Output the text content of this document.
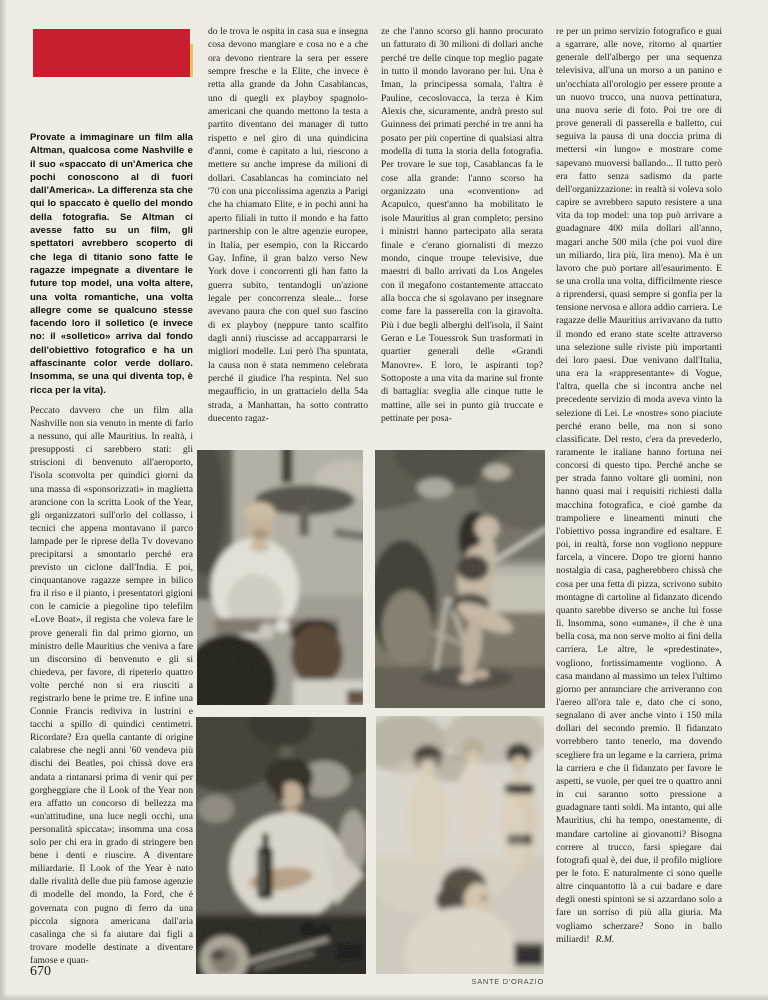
Provate a immaginare un film alla Altman, qualcosa come Nashville e il suo «spaccato di un'America che pochi conoscono al di fuori dall'America». La differenza sta che qui lo spaccato è quello del mondo della fotografia. Se Altman ci avesse fatto su un film, gli spettatori avrebbero scoperto di che lega di titanio sono fatte le ragazze impegnate a diventare le future top model, una volta altere, una volta romantiche, una volta allegre come se qualcuno stesse facendo loro il solletico (e invece no: il «solletico» arriva dal fondo dell'obiettivo fotografico e ha un affascinante color verde dollaro. Insomma, se una qui diventa top, è ricca per la vita).

Peccato davvero che un film alla Nashville non sia venuto in mente di farlo a nessuno, qui alle Mauritius. In realtà, i presupposti ci sarebbero stati: gli striscioni di benvenuto all'aeroporto, l'isola sconvolta per quindici giorni da una massa di «sponsorizzati» in maglietta arancione con la scritta Look of the Year, gli organizzatori sull'orlo del collasso, i tecnici che appena montavano il parco lampade per le riprese della Tv dovevano precipitarsi a smontarlo perché era previsto un ciclone dall'India. E poi, cinquantanove ragazze sempre in bilico fra il riso e il pianto, i presentatori gigioni con le camicie a piegoline tipo telefilm «Love Boat», il regista che voleva fare le prove generali fin dal primo giorno, un ministro delle Mauritius che veniva a fare un discorsino di benvenuto e gli si chiedeva, per favore, di ripeterlo quattro volte perché non si era riusciti a registrarlo bene le prime tre. E infine una Connie Francis rediviva in lustrini e tacchi a spillo di quindici centimetri. Ricordate? Era quella cantante di origine calabrese che negli anni '60 vendeva più dischi dei Beatles, poi chissà dove era andata a rintanarsi prima di venir qui per gorgheggiare che il Look of the Year non era affatto un concorso di bellezza ma «un'attitudine, una luce negli occhi, una personalità spiccata»; insomma una cosa solo per chi era in grado di stringere ben bene i denti e riuscire. A diventare miliardarie. Il Look of the Year è nato dalle rivalità delle due più famose agenzie di modelle del mondo, la Ford, che è governata con pugno di ferro da una piccola signora americana dall'aria casalinga che si fa aiutare dai figli a trovare modelle destinate a diventare famose e quan-

do le trova le ospita in casa sua e insegna cosa devono mangiare e cosa no e a che ora devono rientrare la sera per essere sempre fresche e la Elite, che invece è retta alla grande da John Casablancas, uno di quegli ex playboy spagnolo-americani che quando mettono la testa a partito diventano dei manager di tutto rispetto e nel giro di una quindicina d'anni, come è capitato a lui, riescono a mettere su anche imprese da milioni di dollari. Casablancas ha cominciato nel '70 con una piccolissima agenzia a Parigi che ha chiamato Elite, e in pochi anni ha aperto filiali in tutto il mondo e ha fatto partnership con le altre agenzie europee, in Italia, per esempio, con la Riccardo Gay. Infine, il gran balzo verso New York dove i concorrenti gli han fatto la guerra subito, tentandogli un'azione legale per concorrenza sleale... forse avevano paura che con quel suo fascino di ex playboy (neppure tanto scalfito dagli anni) riuscisse ad accapparrarsi le migliori modelle. Lui però l'ha spuntata, la causa non è stata nemmeno celebrata perché il giudice l'ha respinta. Nel suo megaufficio, in un grattacielo della 54a strada, a Manhattan, ha sotto contratto duecento ragaz-

ze che l'anno scorso gli hanno procurato un fatturato di 30 milioni di dollari anche perché tre delle cinque top meglio pagate in tutto il mondo lavorano per lui. Una è Iman, la principessa somala, l'altra è Pauline, cecoslovacca, la terza è Kim Alexis che, sicuramente, andrà presto sul Guinness dei primati perché in tre anni ha posato per più copertine di qualsiasi altra modella di tutta la storia della fotografia. Per trovare le sue top, Casablancas fa le cose alla grande: l'anno scorso ha organizzato una «convention» ad Acapulco, quest'anno ha mobilitato le isole Mauritius al gran completo; persino i ministri hanno partecipato alla serata finale e c'erano giornalisti di mezzo mondo, cinque troupe televisive, due maestri di ballo arrivati da Los Angeles con il megafono costantemente attaccato alla bocca che si sgolavano per insegnare come fare la passerella con la giravolta. Più i due begli alberghi dell'isola, il Saint Geran e Le Touessrok Sun trasformati in quartier generali delle «Grandi Manovre». E loro, le aspiranti top? Sottoposte a una vita da marine sul fronte di battaglia: sveglia alle cinque tutte le mattine, alle sei in punto già truccate e pettinate per posa-

re per un primo servizio fotografico e guai a sgarrare, alle nove, ritorno al quartier generale dell'albergo per una sequenza televisiva, all'una un morso a un panino e un'occhiata all'orologio per essere pronte a un nuovo trucco, una nuova pettinatura, una nuova serie di foto. Poi tre ore di prove generali di passerella e balletto, cui seguiva la pausa di una doccia prima di mettersi «in lungo» e mostrare come sapevano muoversi ballando... Il tutto però era fatto senza sadismo da parte dell'organizzazione: in realtà si voleva solo capire se avrebbero saputo resistere a una vita da top model: una top può arrivare a guadagnare 400 mila dollari all'anno, magari anche 500 mila (che poi vuol dire un miliardo, lira più, lira meno). Ma è un lavoro che può portare all'esaurimento. E se una crolla una volta, difficilmente riesce a riprendersi, quasi sempre si gonfia per la tensione nervosa e allora addio carriera. Le ragazze delle Mauritius arrivavano da tutto il mondo ed erano state scelte attraverso una selezione sulle riviste più importanti dei loro paesi. Due venivano dall'Italia, una era la «rappresentante» di Vogue, l'altra, quella che si incontra anche nel precedente servizio di moda aveva vinto la selezione di Lei. Le «nostre» sono piaciute perché erano belle, ma non si sono classificate. Del resto, c'era da prevederlo, raramente le italiane hanno fortuna nei concorsi di questo tipo. Perché anche se per strada fanno voltare gli uomini, non hanno quasi mai i requisiti richiesti dalla macchina fotografica, e cioè gambe da trampoliere e lineamenti minuti che l'obiettivo possa ingrandire ed esaltare. E poi, in realtà, forse non vogliono neppure farcela, a vincere. Dopo tre giorni hanno nostalgia di casa, pagherebbero chissà che cosa per una fetta di pizza, scrivono subito montagne di cartoline al fidanzato dicendo quanto sarebbe diverso se anche lui fosse lì. Insomma, sono «umane», il che è una bella cosa, ma non serve molto ai fini della carriera. Le altre, le «predestinate», vogliono, fortissimamente vogliono. A casa mandano al massimo un telex l'ultimo giorno per annunciare che arriveranno con l'aereo all'ora tale e, dato che ci sono, segnalano di aver anche vinto i 150 mila dollari del secondo premio. Il fidanzato vorrebbero tanto tenerlo, ma dovendo scegliere fra un legame e la carriera, prima la carriera e che il fidanzato per favore le aspetti, se vuole, per quei tre o quattro anni in cui saranno sotto pressione a guadagnare tanti soldi. Ma intanto, qui alle Mauritius, chi ha tempo, onestamente, di mandare cartoline ai giovanotti? Bisogna correre al trucco, farsi spiegare dai fotografi qual è, dei due, il profilo migliore per le foto. E naturalmente ci sono quelle altre cinquantotto là a cui badare e dare degli onesti spintoni se si azzardano solo a fare un sorriso di più alla giuria. Ma vogliamo scherzare? Sono in ballo miliardi! R.M.

670
SANTE D'ORAZIO
